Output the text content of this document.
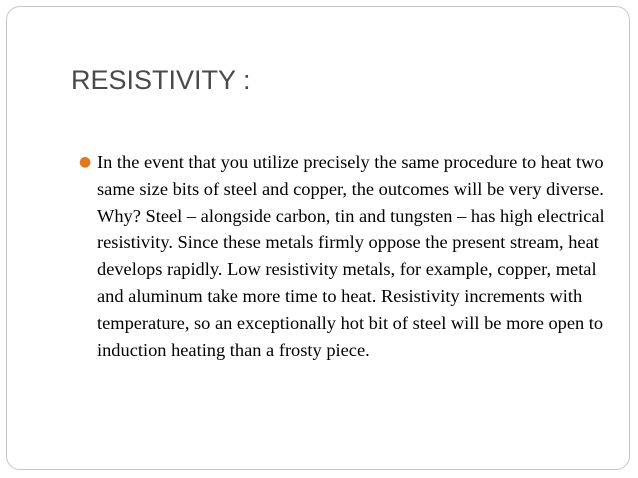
RESISTIVITY :
● In the event that you utilize precisely the same procedure to heat two same size bits of steel and copper, the outcomes will be very diverse. Why? Steel – alongside carbon, tin and tungsten – has high electrical resistivity. Since these metals firmly oppose the present stream, heat develops rapidly. Low resistivity metals, for example, copper, metal and aluminum take more time to heat. Resistivity increments with temperature, so an exceptionally hot bit of steel will be more open to induction heating than a frosty piece.
